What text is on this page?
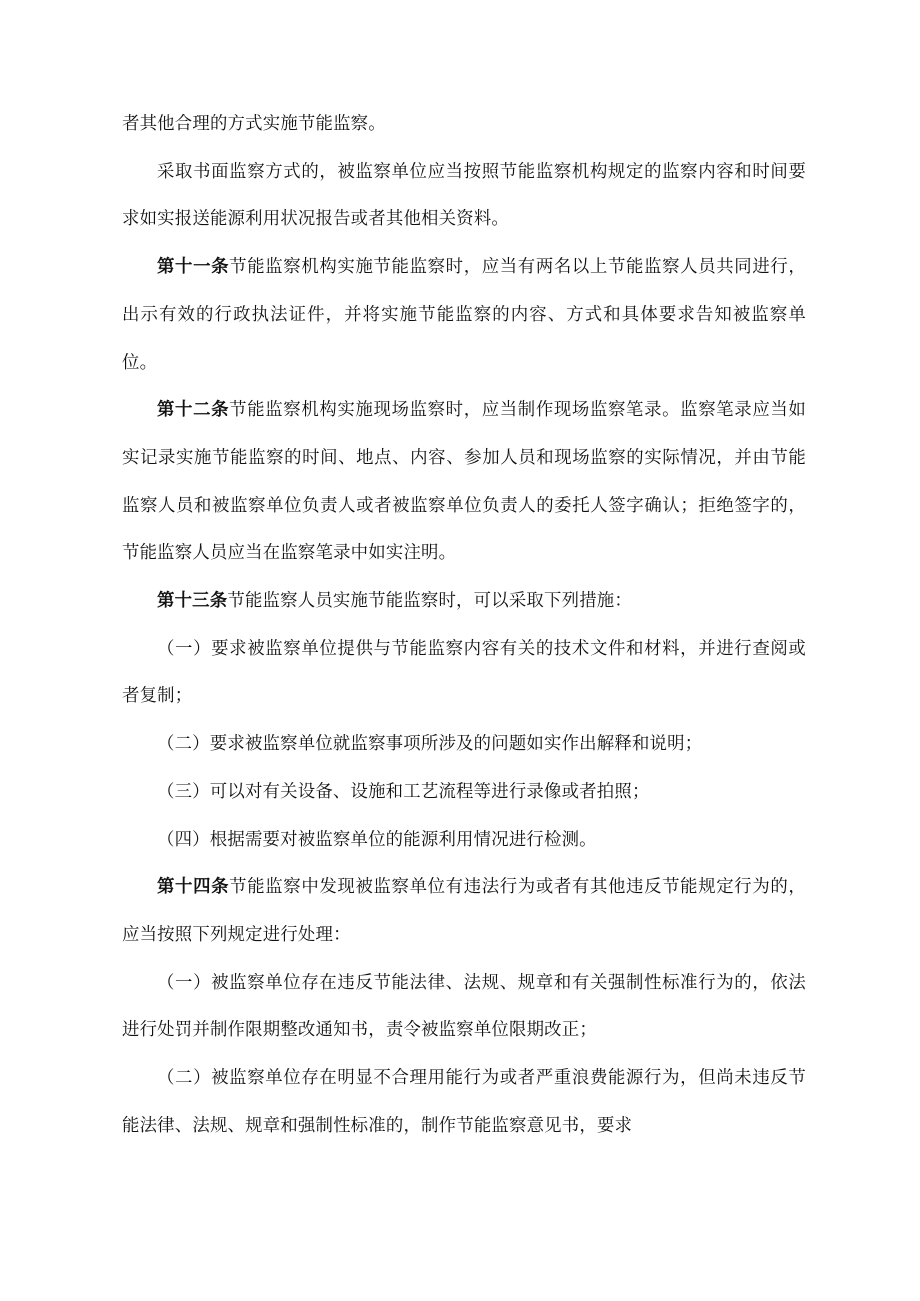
者其他合理的方式实施节能监察。

采取书面监察方式的，被监察单位应当按照节能监察机构规定的监察内容和时间要求如实报送能源利用状况报告或者其他相关资料。

第十一条节能监察机构实施节能监察时，应当有两名以上节能监察人员共同进行，出示有效的行政执法证件，并将实施节能监察的内容、方式和具体要求告知被监察单位。

第十二条节能监察机构实施现场监察时，应当制作现场监察笔录。监察笔录应当如实记录实施节能监察的时间、地点、内容、参加人员和现场监察的实际情况，并由节能监察人员和被监察单位负责人或者被监察单位负责人的委托人签字确认；拒绝签字的，节能监察人员应当在监察笔录中如实注明。

第十三条节能监察人员实施节能监察时，可以采取下列措施：

（一）要求被监察单位提供与节能监察内容有关的技术文件和材料，并进行查阅或者复制；

（二）要求被监察单位就监察事项所涉及的问题如实作出解释和说明；

（三）可以对有关设备、设施和工艺流程等进行录像或者拍照；

（四）根据需要对被监察单位的能源利用情况进行检测。

第十四条节能监察中发现被监察单位有违法行为或者有其他违反节能规定行为的，应当按照下列规定进行处理：

（一）被监察单位存在违反节能法律、法规、规章和有关强制性标准行为的，依法进行处罚并制作限期整改通知书，责令被监察单位限期改正；

（二）被监察单位存在明显不合理用能行为或者严重浪费能源行为，但尚未违反节能法律、法规、规章和强制性标准的，制作节能监察意见书，要求
